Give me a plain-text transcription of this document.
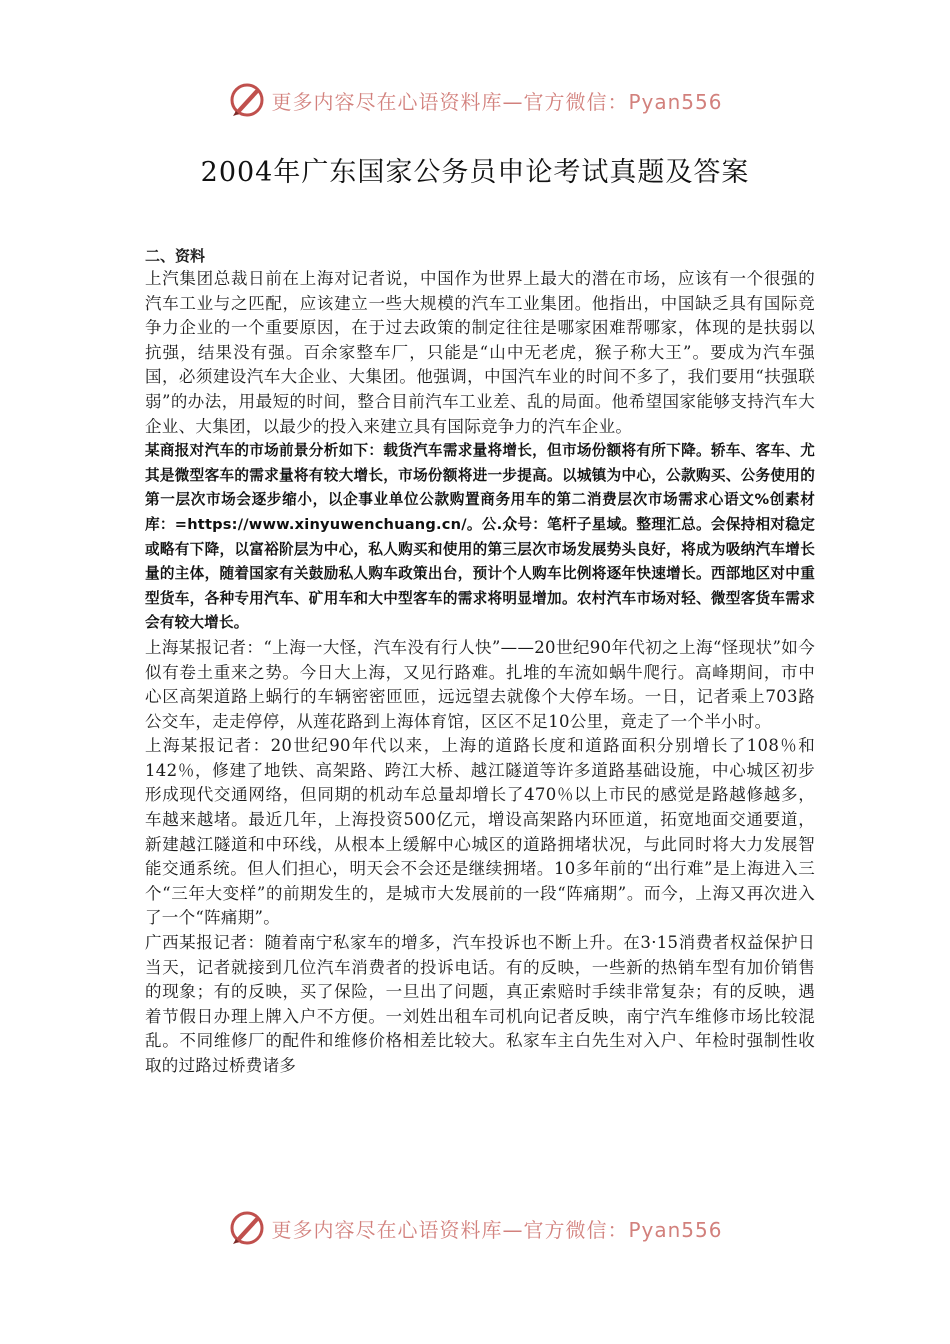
更多内容尽在心语资料库—官方微信：Pyan556
2004年广东国家公务员申论考试真题及答案

二、资料

上汽集团总裁日前在上海对记者说，中国作为世界上最大的潜在市场，应该有一个很强的汽车工业与之匹配，应该建立一些大规模的汽车工业集团。他指出，中国缺乏具有国际竞争力企业的一个重要原因，在于过去政策的制定往往是哪家困难帮哪家，体现的是扶弱以抗强，结果没有强。百余家整车厂，只能是“山中无老虎，猴子称大王”。要成为汽车强国，必须建设汽车大企业、大集团。他强调，中国汽车业的时间不多了，我们要用“扶强联弱”的办法，用最短的时间，整合目前汽车工业差、乱的局面。他希望国家能够支持汽车大企业、大集团，以最少的投入来建立具有国际竞争力的汽车企业。

某商报对汽车的市场前景分析如下：载货汽车需求量将增长，但市场份额将有所下降。轿车、客车、尤其是微型客车的需求量将有较大增长，市场份额将进一步提高。以城镇为中心，公款购买、公务使用的第一层次市场会逐步缩小，以企事业单位公款购置商务用车的第二消费层次市场需求心语文%创素材库：=https://www.xinyuwenchuang.cn/。公.众号：笔杆子星域。整理汇总。会保持相对稳定或略有下降，以富裕阶层为中心，私人购买和使用的第三层次市场发展势头良好，将成为吸纳汽车增长量的主体，随着国家有关鼓励私人购车政策出台，预计个人购车比例将逐年快速增长。西部地区对中重型货车，各种专用汽车、矿用车和大中型客车的需求将明显增加。农村汽车市场对轻、微型客货车需求会有较大增长。

上海某报记者：“上海一大怪，汽车没有行人快”——20世纪90年代初之上海“怪现状”如今似有卷土重来之势。今日大上海，又见行路难。扎堆的车流如蜗牛爬行。高峰期间，市中心区高架道路上蜗行的车辆密密匝匝，远远望去就像个大停车场。一日，记者乘上703路公交车，走走停停，从莲花路到上海体育馆，区区不足10公里，竟走了一个半小时。

上海某报记者：20世纪90年代以来，上海的道路长度和道路面积分别增长了108％和142％，修建了地铁、高架路、跨江大桥、越江隧道等许多道路基础设施，中心城区初步形成现代交通网络，但同期的机动车总量却增长了470％以上市民的感觉是路越修越多，车越来越堵。最近几年，上海投资500亿元，增设高架路内环匝道，拓宽地面交通要道，新建越江隧道和中环线，从根本上缓解中心城区的道路拥堵状况，与此同时将大力发展智能交通系统。但人们担心，明天会不会还是继续拥堵。10多年前的“出行难”是上海进入三个“三年大变样”的前期发生的，是城市大发展前的一段“阵痛期”。而今，上海又再次进入了一个“阵痛期”。

广西某报记者：随着南宁私家车的增多，汽车投诉也不断上升。在3·15消费者权益保护日当天，记者就接到几位汽车消费者的投诉电话。有的反映，一些新的热销车型有加价销售的现象；有的反映，买了保险，一旦出了问题，真正索赔时手续非常复杂；有的反映，遇着节假日办理上牌入户不方便。一刘姓出租车司机向记者反映，南宁汽车维修市场比较混乱。不同维修厂的配件和维修价格相差比较大。私家车主白先生对入户、年检时强制性收取的过路过桥费诸多

更多内容尽在心语资料库—官方微信：Pyan556
